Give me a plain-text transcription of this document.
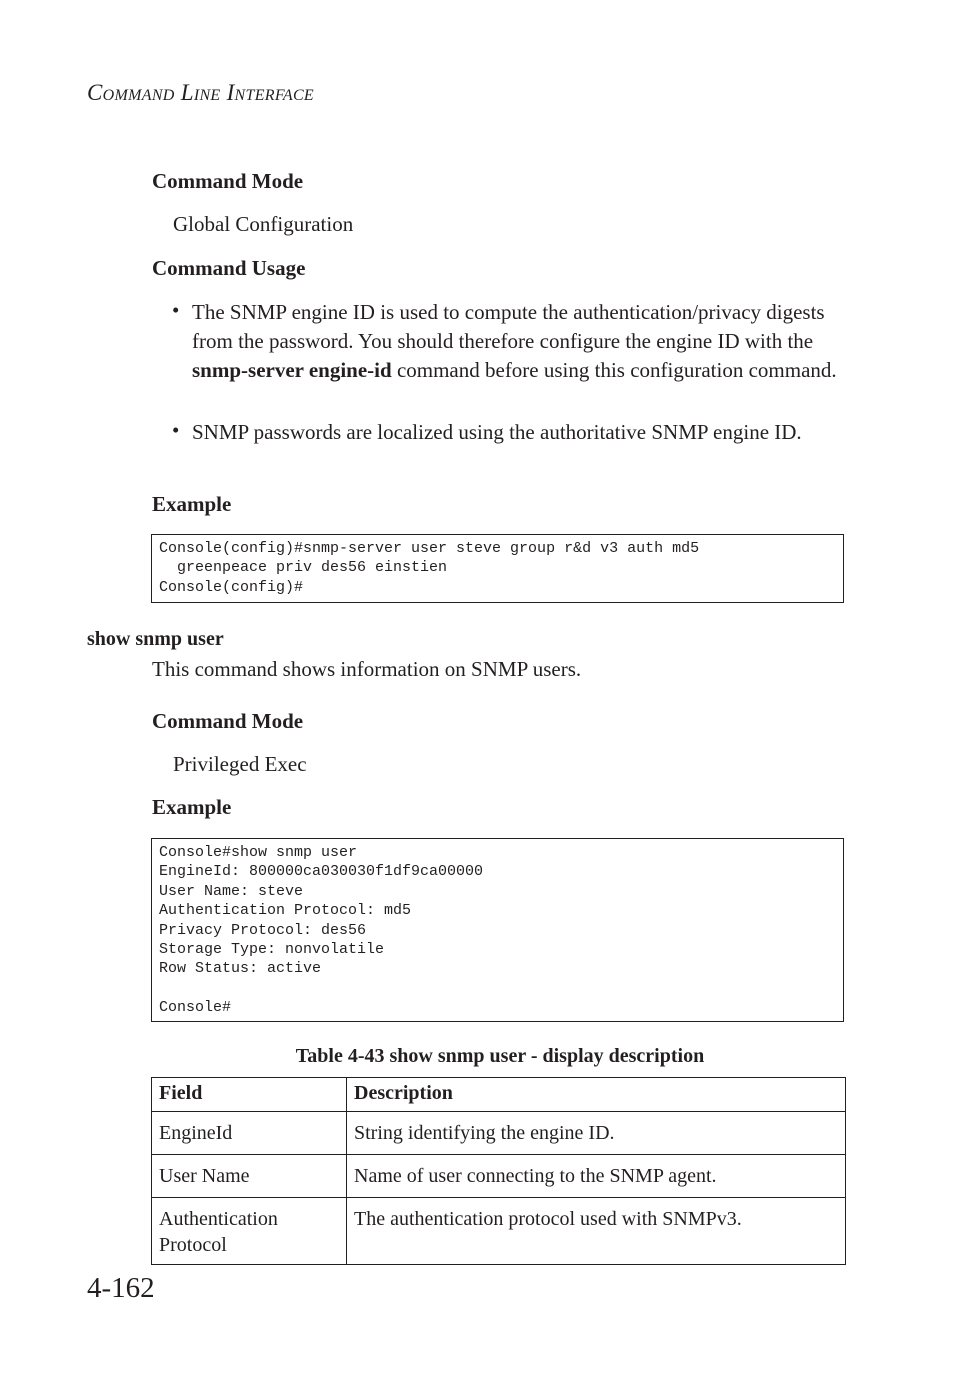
COMMAND LINE INTERFACE
Command Mode
Global Configuration
Command Usage
• The SNMP engine ID is used to compute the authentication/privacy digests from the password. You should therefore configure the engine ID with the snmp-server engine-id command before using this configuration command.
• SNMP passwords are localized using the authoritative SNMP engine ID.
Example
Console(config)#snmp-server user steve group r&d v3 auth md5
greenpeace priv des56 einstien
Console(config)#
show snmp user
This command shows information on SNMP users.
Command Mode
Privileged Exec
Example
Console#show snmp user
EngineId: 800000ca030030f1df9ca00000
User Name: steve
Authentication Protocol: md5
Privacy Protocol: des56
Storage Type: nonvolatile
Row Status: active

Console#
Table 4-43 show snmp user - display description
Field	Description
EngineId	String identifying the engine ID.
User Name	Name of user connecting to the SNMP agent.
Authentication Protocol	The authentication protocol used with SNMPv3.
4-162
